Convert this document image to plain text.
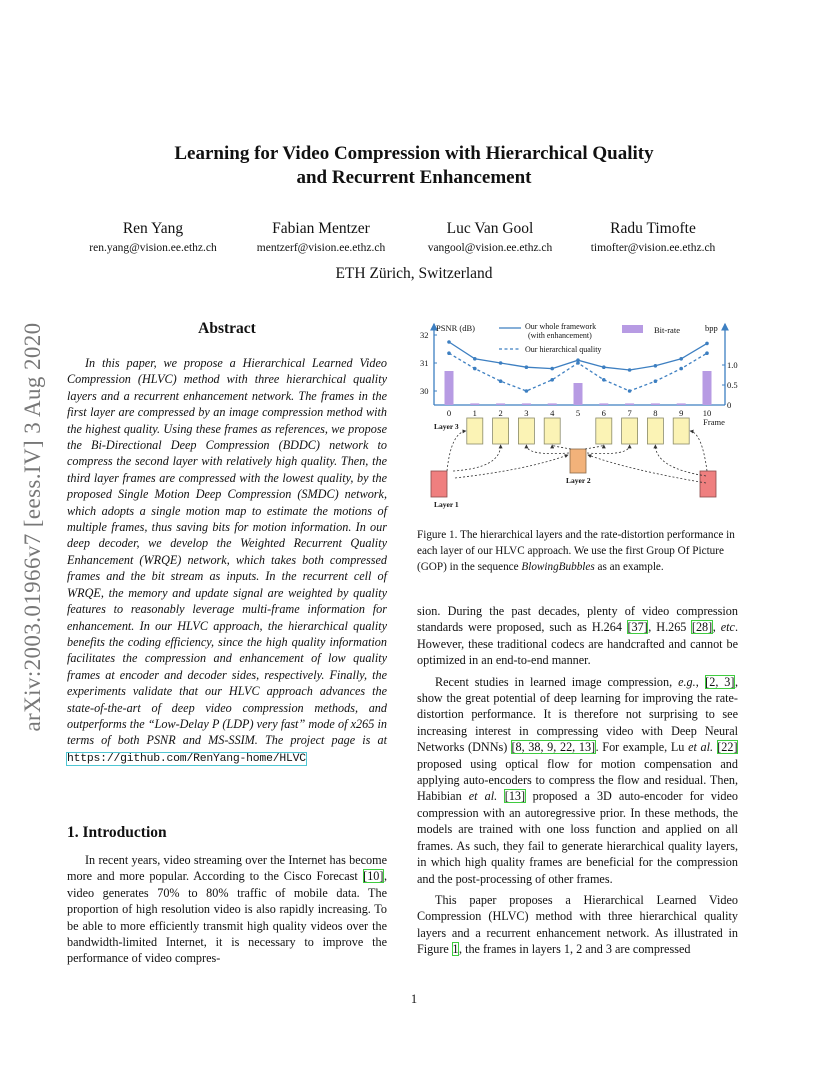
Learning for Video Compression with Hierarchical Quality
and Recurrent Enhancement
Ren Yang
ren.yang@vision.ee.ethz.ch
Fabian Mentzer
mentzerf@vision.ee.ethz.ch
Luc Van Gool
vangool@vision.ee.ethz.ch
Radu Timofte
timofter@vision.ee.ethz.ch
ETH Zürich, Switzerland
arXiv:2003.01966v7 [eess.IV] 3 Aug 2020	Abstract

In this paper, we propose a Hierarchical Learned Video Compression (HLVC) method with three hierarchical quality layers and a recurrent enhancement network. The frames in the first layer are compressed by an image compression method with the highest quality. Using these frames as references, we propose the Bi-Directional Deep Compression (BDDC) network to compress the second layer with relatively high quality. Then, the third layer frames are compressed with the lowest quality, by the proposed Single Motion Deep Compression (SMDC) network, which adopts a single motion map to estimate the motions of multiple frames, thus saving bits for motion information. In our deep decoder, we develop the Weighted Recurrent Quality Enhancement (WRQE) network, which takes both compressed frames and the bit stream as inputs. In the recurrent cell of WRQE, the memory and update signal are weighted by quality features to reasonably leverage multi-frame information for enhancement. In our HLVC approach, the hierarchical quality benefits the coding efficiency, since the high quality information facilitates the compression and enhancement of low quality frames at encoder and decoder sides, respectively. Finally, the experiments validate that our HLVC approach advances the state-of-the-art of deep video compression methods, and outperforms the “Low-Delay P (LDP) very fast” mode of x265 in terms of both PSNR and MS-SSIM. The project page is at https://github.com/RenYang-home/HLVC

1. Introduction

In recent years, video streaming over the Internet has become more and more popular. According to the Cisco Forecast [10], video generates 70% to 80% traffic of mobile data. The proportion of high resolution video is also rapidly increasing. To be able to more efficiently transmit high quality videos over the bandwidth-limited Internet, it is necessary to improve the performance of video compres-

30
31
32
0
0.5
1.0
0	1	2	3	4	5	6	7	8	9 10
Frame
PSNR (dB)	bpp
Our whole framework
(with enhancement)
Our hierarchical quality
Bit-rate
Layer 3
Layer 2
Layer 1
Figure 1. The hierarchical layers and the rate-distortion performance in each layer of our HLVC approach. We use the first Group Of Picture (GOP) in the sequence BlowingBubbles as an example.

sion. During the past decades, plenty of video compression standards were proposed, such as H.264 [37], H.265 [28], etc. However, these traditional codecs are handcrafted and cannot be optimized in an end-to-end manner.

Recent studies in learned image compression, e.g., [2, 3], show the great potential of deep learning for improving the rate-distortion performance. It is therefore not surprising to see increasing interest in compressing video with Deep Neural Networks (DNNs) [8, 38, 9, 22, 13]. For example, Lu et al. [22] proposed using optical flow for motion compensation and applying auto-encoders to compress the flow and residual. Then, Habibian et al. [13] proposed a 3D auto-encoder for video compression with an autoregressive prior. In these methods, the models are trained with one loss function and applied on all frames. As such, they fail to generate hierarchical quality layers, in which high quality frames are beneficial for the compression and the post-processing of other frames.

This paper proposes a Hierarchical Learned Video Compression (HLVC) method with three hierarchical quality layers and a recurrent enhancement network. As illustrated in Figure 1, the frames in layers 1, 2 and 3 are compressed

1
